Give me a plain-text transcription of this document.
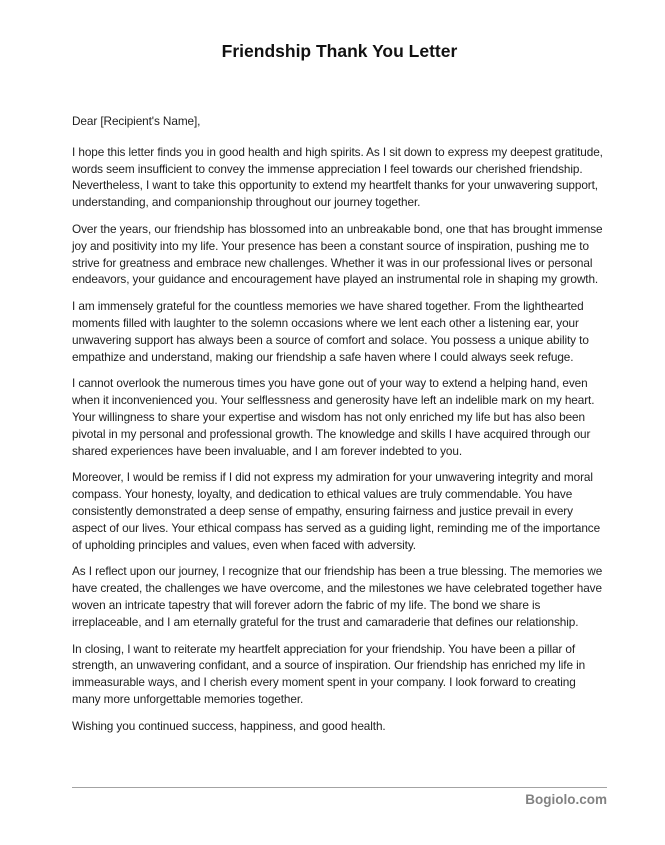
Friendship Thank You Letter

Dear [Recipient's Name],

I hope this letter finds you in good health and high spirits. As I sit down to express my deepest gratitude, words seem insufficient to convey the immense appreciation I feel towards our cherished friendship. Nevertheless, I want to take this opportunity to extend my heartfelt thanks for your unwavering support, understanding, and companionship throughout our journey together.

Over the years, our friendship has blossomed into an unbreakable bond, one that has brought immense joy and positivity into my life. Your presence has been a constant source of inspiration, pushing me to strive for greatness and embrace new challenges. Whether it was in our professional lives or personal endeavors, your guidance and encouragement have played an instrumental role in shaping my growth.

I am immensely grateful for the countless memories we have shared together. From the lighthearted moments filled with laughter to the solemn occasions where we lent each other a listening ear, your unwavering support has always been a source of comfort and solace. You possess a unique ability to empathize and understand, making our friendship a safe haven where I could always seek refuge.

I cannot overlook the numerous times you have gone out of your way to extend a helping hand, even when it inconvenienced you. Your selflessness and generosity have left an indelible mark on my heart. Your willingness to share your expertise and wisdom has not only enriched my life but has also been pivotal in my personal and professional growth. The knowledge and skills I have acquired through our shared experiences have been invaluable, and I am forever indebted to you.

Moreover, I would be remiss if I did not express my admiration for your unwavering integrity and moral compass. Your honesty, loyalty, and dedication to ethical values are truly commendable. You have consistently demonstrated a deep sense of empathy, ensuring fairness and justice prevail in every aspect of our lives. Your ethical compass has served as a guiding light, reminding me of the importance of upholding principles and values, even when faced with adversity.

As I reflect upon our journey, I recognize that our friendship has been a true blessing. The memories we have created, the challenges we have overcome, and the milestones we have celebrated together have woven an intricate tapestry that will forever adorn the fabric of my life. The bond we share is irreplaceable, and I am eternally grateful for the trust and camaraderie that defines our relationship.

In closing, I want to reiterate my heartfelt appreciation for your friendship. You have been a pillar of strength, an unwavering confidant, and a source of inspiration. Our friendship has enriched my life in immeasurable ways, and I cherish every moment spent in your company. I look forward to creating many more unforgettable memories together.

Wishing you continued success, happiness, and good health.

Bogiolo.com
